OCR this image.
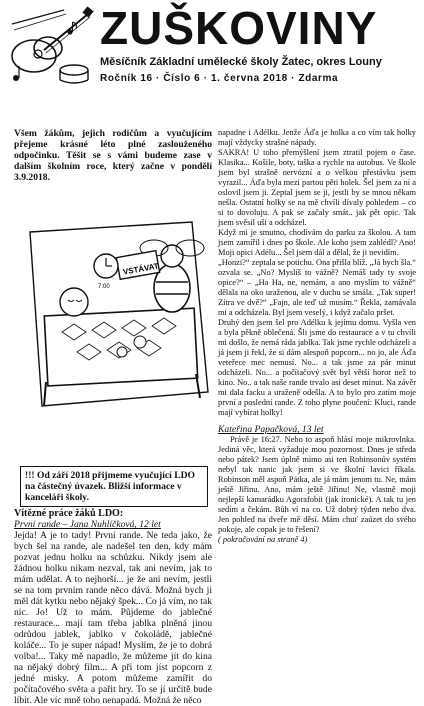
ZUŠKOVINY
Měsíčník Základní umělecké školy Žatec, okres Louny
Ročník 16 · Číslo 6 · 1. června 2018 · Zdarma
Všem žákům, jejich rodičům a vyučujícím přejeme krásné léto plné zaslouženého odpočinku. Těšit se s vámi budeme zase v dalším školním roce, který začne v pondělí 3.9.2018.
VSTÁVAT
7:00
!!! Od září 2018 přijmeme vyučující LDO na částečný úvazek. Bližší informace v kanceláři školy.
Vítězné práce žáků LDO:
První rande – Jana Nuhlíčková, 12 let

Jejda! A je to tady! První rande. Ne teda jako, že bych šel na rande, ale nadešel ten den, kdy mám pozvat jednu holku na schůzku. Nikdy jsem ale žádnou holku nikam nezval, tak ani nevím, jak to mám udělat. A to nejhorší... je že ani nevím, jestli se na tom prvním rande něco dává. Možná bych ji měl dát kytku nebo nějaký špek... Co já vím, no tak nic. Jo! Už to mám. Půjdeme do jablečné restaurace... mají tam třeba jablka plněná jinou odrůdou jablek, jablko v čokoládě, jablečné koláče... To je super nápad! Myslím, že je to dobrá volba!... Taky mě napadlo, že můžeme jít do kina na nějaký dobrý film... A při tom jíst popcorn z jedné misky. A potom můžeme zamířit do počítačového světa a pařit hry. To se jí určitě bude líbit. Ale víc mně toho nenapadá. Možná že něco

napadne i Adélku. Jenže Áďa je holka a co vím tak holky mají vždycky strašné nápady.
SAKRA! U toho přemýšlení jsem ztratil pojem o čase. Klasika... Košile, boty, taška a rychle na autobus. Ve škole jsem byl strašně nervózní a o velkou přestávku jsem vyrazil... Áďa byla mezi partou pěti holek. Šel jsem za ní a oslovil jsem ji. Zeptal jsem se ji, jestli by se mnou někam nešla. Ostatní holky se na mě chvíli dívaly pohledem – co si to dovoluju. A pak se začaly smát.. jak pět opic. Tak jsem svěsil uši a odcházel.
Když mi je smutno, chodívám do parku za školou. A tam jsem zamířil i dnes po škole. Ale koho jsem zahlédl? Ano! Moji opici Adélu... Šel jsem dál a dělal, že ji nevidím.
„Honzi?“ zeptala se potichu. Ona přišla blíž. „Já bych šla.“ ozvala se. „No? Myslíš to vážně? Nemáš tady ty svoje opice?“ – „Ha Ha, ne, nemám, a ano myslím to vážně“ dělala na oko uraženou, ale v duchu se smála. „Tak super! Zítra ve dvě?“ „Fajn, ale teď už musím.“ Řekla, zamávala mi a odcházela. Byl jsem veselý, i když začalo pršet.
Druhý den jsem šel pro Adélku k jejímu domu. Vyšla ven a byla pěkně oblečená. Šli jsme do restaurace a v tu chvíli mi došlo, že nemá ráda jablka. Tak jsme rychle odcházeli a já jsem ji řekl, že si dám alespoň popcorn... no jo, ale Áďa veteřece mec nemusí. No... a tak jsme za pár minut odcházeli. No... a počítačový svět byl větší horor než to kino. No.. a tak naše rande trvalo asi deset minut. Na závěr mi dala facku a uraženě odešla. A to bylo pro zatím moje první a poslední rande. Z toho plyne poučení: Kluci, rande mají vybírat holky!

Kateřina Papačková, 13 let

Právě je 16:27. Nebo to aspoň hlásí moje mikrovlnka. Jediná věc, která vyžaduje mou pozornost. Dnes je středa nebo pátek? Jsem úplně mimo asi ten Robinsonův systém nebyl tak nanic jak jsem si ve školní lavici říkala. Robinson měl aspoň Pátka, ale já mám jenom tu. Ne, mám ještě Jiřinu. Ano, mám ještě Jiřinu! Ne, vlastně moji nejlepší kamarádku Agorafobii (jak ironické). A tak tu jen sedím a čekám. Bůh ví na co. Už dobrý týden nebo dva. Jen pohled na dveře mě děsí. Mám chuť zaúzet do svého pokoje, ale copak je to řešení?

( pokračování na straně 4)
